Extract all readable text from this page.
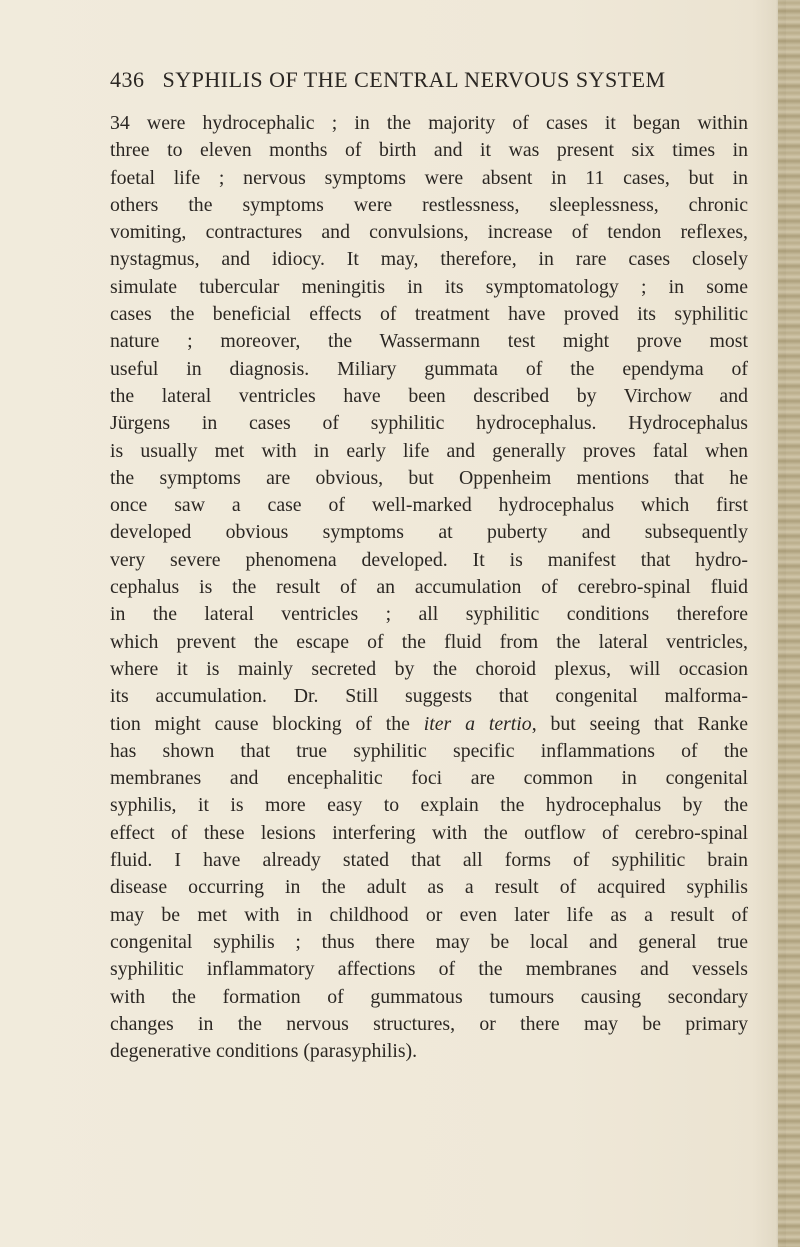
436 SYPHILIS OF THE CENTRAL NERVOUS SYSTEM
34 were hydrocephalic ; in the majority of cases it began within
three to eleven months of birth and it was present six times in
foetal life ; nervous symptoms were absent in 11 cases, but in
others the symptoms were restlessness, sleeplessness, chronic
vomiting, contractures and convulsions, increase of tendon reflexes,
nystagmus, and idiocy. It may, therefore, in rare cases closely
simulate tubercular meningitis in its symptomatology ; in some
cases the beneficial effects of treatment have proved its syphilitic
nature ; moreover, the Wassermann test might prove most
useful in diagnosis. Miliary gummata of the ependyma of
the lateral ventricles have been described by Virchow and
Jürgens in cases of syphilitic hydrocephalus. Hydrocephalus
is usually met with in early life and generally proves fatal when
the symptoms are obvious, but Oppenheim mentions that he
once saw a case of well-marked hydrocephalus which first
developed obvious symptoms at puberty and subsequently
very severe phenomena developed. It is manifest that hydro-
cephalus is the result of an accumulation of cerebro-spinal fluid
in the lateral ventricles ; all syphilitic conditions therefore
which prevent the escape of the fluid from the lateral ventricles,
where it is mainly secreted by the choroid plexus, will occasion
its accumulation. Dr. Still suggests that congenital malforma-
tion might cause blocking of the iter a tertio, but seeing that Ranke
has shown that true syphilitic specific inflammations of the
membranes and encephalitic foci are common in congenital
syphilis, it is more easy to explain the hydrocephalus by the
effect of these lesions interfering with the outflow of cerebro-spinal
fluid. I have already stated that all forms of syphilitic brain
disease occurring in the adult as a result of acquired syphilis
may be met with in childhood or even later life as a result of
congenital syphilis ; thus there may be local and general true
syphilitic inflammatory affections of the membranes and vessels
with the formation of gummatous tumours causing secondary
changes in the nervous structures, or there may be primary
degenerative conditions (parasyphilis).
